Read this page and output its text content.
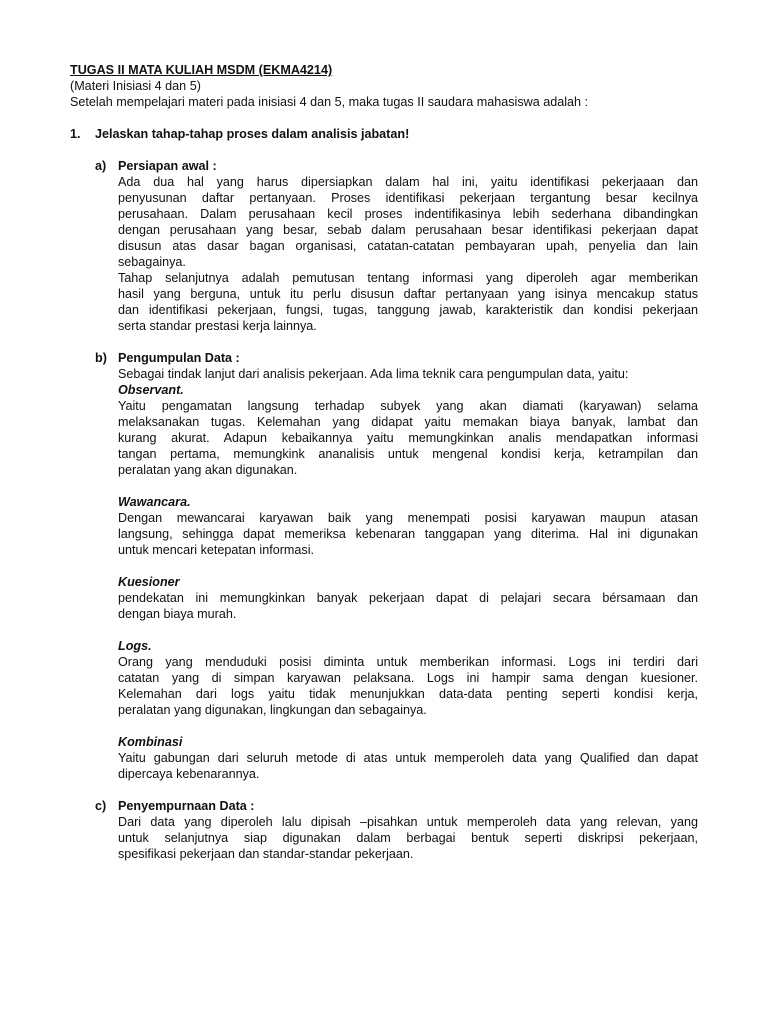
TUGAS II MATA KULIAH MSDM (EKMA4214)
(Materi Inisiasi 4 dan 5)
Setelah mempelajari materi pada inisiasi 4 dan 5, maka tugas II saudara mahasiswa adalah :
1.	Jelaskan tahap-tahap proses dalam analisis jabatan!
a) Persiapan awal :
Ada dua hal yang harus dipersiapkan dalam hal ini, yaitu identifikasi pekerjaaan dan
penyusunan daftar pertanyaan. Proses identifikasi pekerjaan tergantung besar kecilnya
perusahaan. Dalam perusahaan kecil proses indentifikasinya lebih sederhana dibandingkan
dengan perusahaan yang besar, sebab dalam perusahaan besar identifikasi pekerjaan dapat
disusun atas dasar bagan organisasi, catatan-catatan pembayaran upah, penyelia dan lain
sebagainya.
Tahap selanjutnya adalah pemutusan tentang informasi yang diperoleh agar memberikan
hasil yang berguna, untuk itu perlu disusun daftar pertanyaan yang isinya mencakup status
dan identifikasi pekerjaan, fungsi, tugas, tanggung jawab, karakteristik dan kondisi pekerjaan
serta standar prestasi kerja lainnya.
b) Pengumpulan Data :
Sebagai tindak lanjut dari analisis pekerjaan. Ada lima teknik cara pengumpulan data, yaitu:
Observant.
Yaitu pengamatan langsung terhadap subyek yang akan diamati (karyawan) selama
melaksanakan tugas. Kelemahan yang didapat yaitu memakan biaya banyak, lambat dan
kurang akurat. Adapun kebaikannya yaitu memungkinkan analis mendapatkan informasi
tangan pertama, memungkink ananalisis untuk mengenal kondisi kerja, ketrampilan dan
peralatan yang akan digunakan.
Wawancara.
Dengan mewancarai karyawan baik yang menempati posisi karyawan maupun atasan
langsung, sehingga dapat memeriksa kebenaran tanggapan yang diterima. Hal ini digunakan
untuk mencari ketepatan informasi.
Kuesioner
pendekatan ini memungkinkan banyak pekerjaan dapat di pelajari secara bérsamaan dan
dengan biaya murah.
Logs.
Orang yang menduduki posisi diminta untuk memberikan informasi. Logs ini terdiri dari
catatan yang di simpan karyawan pelaksana. Logs ini hampir sama dengan kuesioner.
Kelemahan dari logs yaitu tidak menunjukkan data-data penting seperti kondisi kerja,
peralatan yang digunakan, lingkungan dan sebagainya.
Kombinasi
Yaitu gabungan dari seluruh metode di atas untuk memperoleh data yang Qualified dan dapat
dipercaya kebenarannya.
c) Penyempurnaan Data :
Dari data yang diperoleh lalu dipisah –pisahkan untuk memperoleh data yang relevan, yang
untuk selanjutnya siap digunakan dalam berbagai bentuk seperti diskripsi pekerjaan,
spesifikasi pekerjaan dan standar-standar pekerjaan.
